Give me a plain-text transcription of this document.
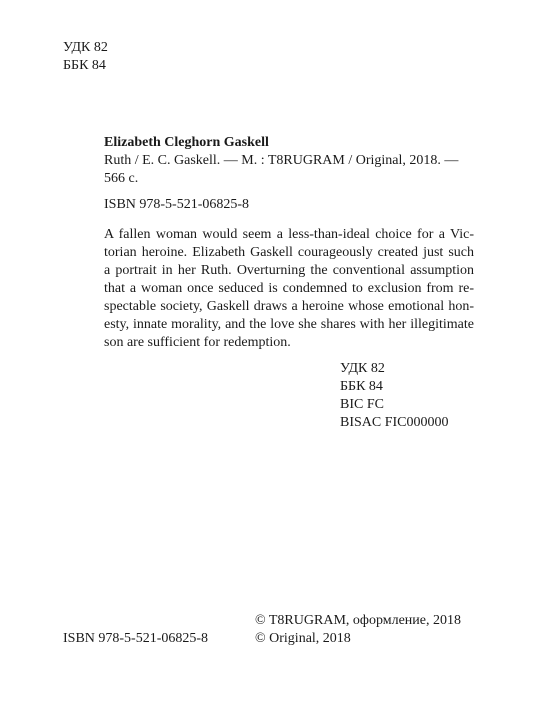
УДК 82
ББК 84
Elizabeth Cleghorn Gaskell
Ruth / E. C. Gaskell. — M. : T8RUGRAM / Original, 2018. —
566 c.
ISBN 978-5-521-06825-8
A fallen woman would seem a less-than-ideal choice for a Vic-
torian heroine. Elizabeth Gaskell courageously created just such
a portrait in her Ruth. Overturning the conventional assumption
that a woman once seduced is condemned to exclusion from re-
spectable society, Gaskell draws a heroine whose emotional hon-
esty, innate morality, and the love she shares with her illegitimate
son are sufficient for redemption.
УДК 82
ББК 84
BIC FC
BISAC FIC000000
ISBN 978-5-521-06825-8
© T8RUGRAM, оформление, 2018
© Original, 2018
